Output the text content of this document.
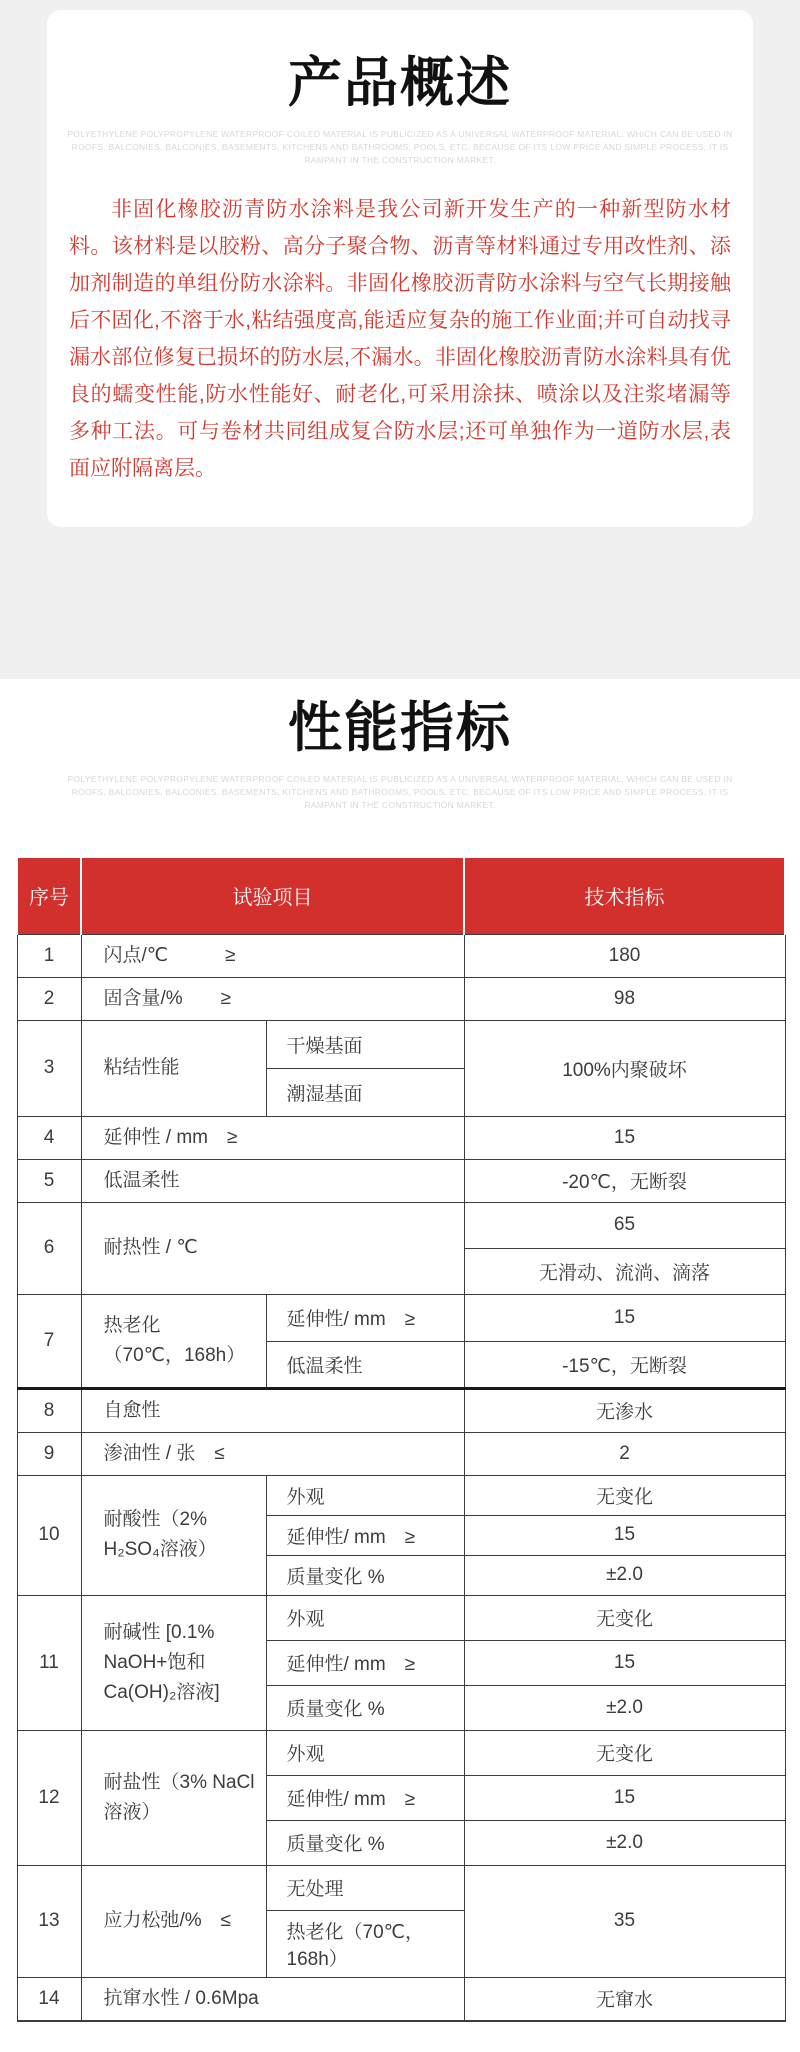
产品概述

POLYETHYLENE POLYPROPYLENE WATERPROOF COILED MATERIAL IS PUBLICIZED AS A UNIVERSAL WATERPROOF MATERIAL, WHICH CAN BE USED IN ROOFS, BALCONIES, BALCONIES, BASEMENTS, KITCHENS AND BATHROOMS, POOLS, ETC. BECAUSE OF ITS LOW PRICE AND SIMPLE PROCESS, IT IS RAMPANT IN THE CONSTRUCTION MARKET.

非固化橡胶沥青防水涂料是我公司新开发生产的一种新型防水材料。该材料是以胶粉、高分子聚合物、沥青等材料通过专用改性剂、添加剂制造的单组份防水涂料。非固化橡胶沥青防水涂料与空气长期接触后不固化,不溶于水,粘结强度高,能适应复杂的施工作业面;并可自动找寻漏水部位修复已损坏的防水层,不漏水。非固化橡胶沥青防水涂料具有优良的蠕变性能,防水性能好、耐老化,可采用涂抹、喷涂以及注浆堵漏等多种工法。可与卷材共同组成复合防水层;还可单独作为一道防水层,表面应附隔离层。

性能指标

POLYETHYLENE POLYPROPYLENE WATERPROOF COILED MATERIAL IS PUBLICIZED AS A UNIVERSAL WATERPROOF MATERIAL, WHICH CAN BE USED IN ROOFS, BALCONIES, BALCONIES, BASEMENTS, KITCHENS AND BATHROOMS, POOLS, ETC. BECAUSE OF ITS LOW PRICE AND SIMPLE PROCESS, IT IS RAMPANT IN THE CONSTRUCTION MARKET.

序号	试验项目		技术指标
1	闪点/℃　　　≥		180
2	固含量/%　　≥		98
3	粘结性能	干燥基面	100%内聚破坏
		潮湿基面	
4	延伸性 / mm　≥		15
5	低温柔性		-20℃，无断裂
6	耐热性 / ℃		65
			无滑动、流淌、滴落
7	热老化
（70℃，168h）	延伸性/ mm　≥	15
		低温柔性	-15℃，无断裂
8	自愈性		无渗水
9	渗油性 / 张　≤		2
10	耐酸性（2% H₂SO₄溶液）	外观	无变化
		延伸性/ mm　≥	15
		质量变化 %	±2.0
11	耐碱性 [0.1% NaOH+饱和Ca(OH)₂溶液]	外观	无变化
		延伸性/ mm　≥	15
		质量变化 %	±2.0
12	耐盐性（3% NaCl溶液）	外观	无变化
		延伸性/ mm　≥	15
		质量变化 %	±2.0
13	应力松弛/%　≤	无处理	35
		热老化（70℃，168h）	
14	抗窜水性 / 0.6Mpa		无窜水
